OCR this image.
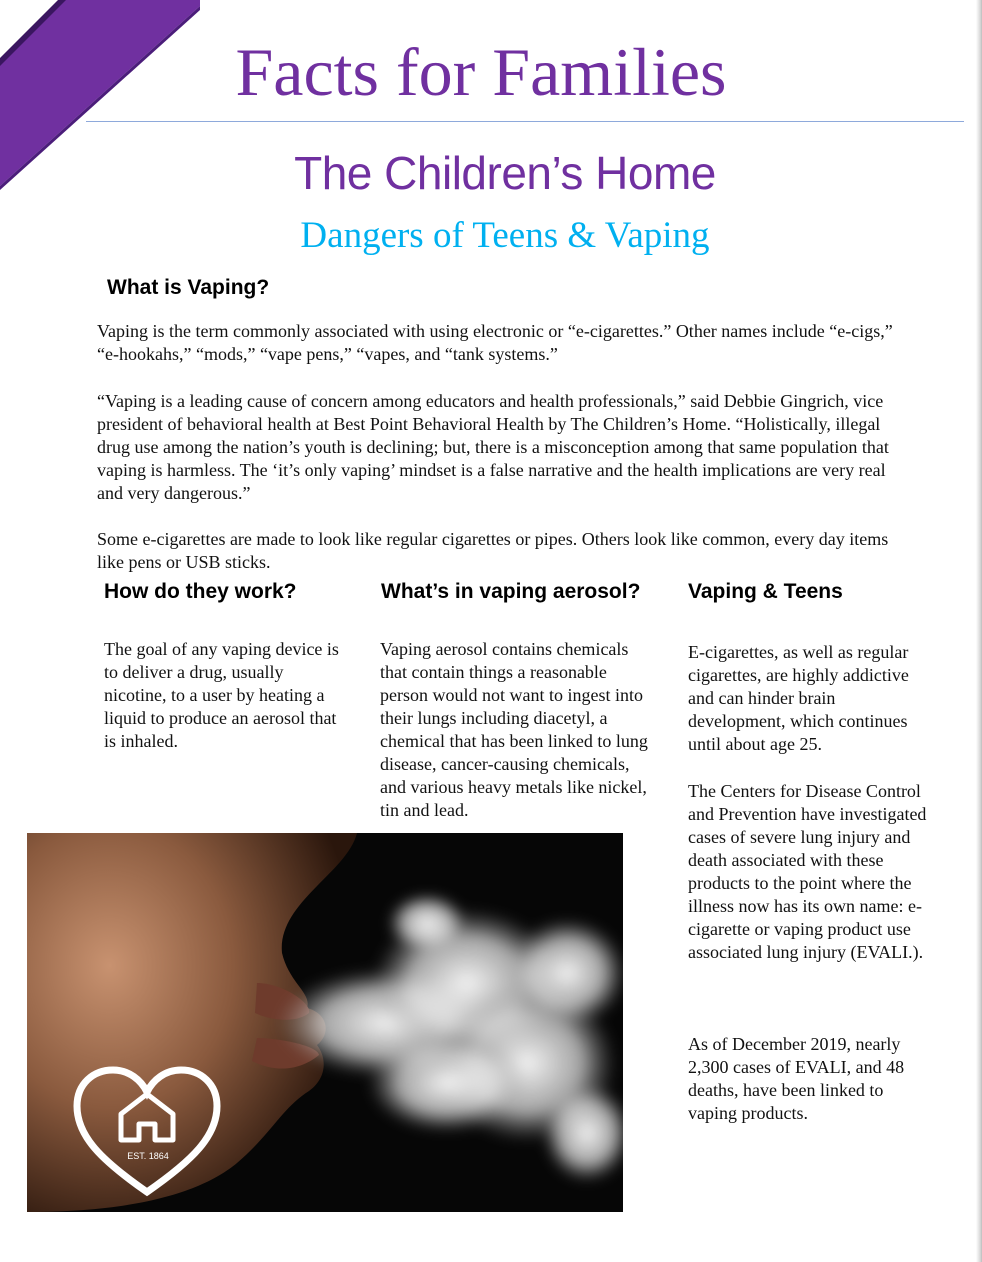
Facts for Families
The Children’s Home
Dangers of Teens & Vaping
What is Vaping?

Vaping is the term commonly associated with using electronic or “e-cigarettes.” Other names include “e-cigs,” “e-hookahs,” “mods,” “vape pens,” “vapes, and “tank systems.”

“Vaping is a leading cause of concern among educators and health professionals,” said Debbie Gingrich, vice president of behavioral health at Best Point Behavioral Health by The Children’s Home. “Holistically, illegal drug use among the nation’s youth is declining; but, there is a misconception among that same population that vaping is harmless. The ‘it’s only vaping’ mindset is a false narrative and the health implications are very real and very dangerous.”

Some e-cigarettes are made to look like regular cigarettes or pipes. Others look like common, every day items like pens or USB sticks.

How do they work?

The goal of any vaping device is to deliver a drug, usually nicotine, to a user by heating a liquid to produce an aerosol that is inhaled.

What’s in vaping aerosol?

Vaping aerosol contains chemicals that contain things a reasonable person would not want to ingest into their lungs including diacetyl, a chemical that has been linked to lung disease, cancer-causing chemicals, and various heavy metals like nickel, tin and lead.

Vaping & Teens

E-cigarettes, as well as regular cigarettes, are highly addictive and can hinder brain development, which continues until about age 25.

The Centers for Disease Control and Prevention have investigated cases of severe lung injury and death associated with these products to the point where the illness now has its own name: e-cigarette or vaping product use associated lung injury (EVALI.).

As of December 2019, nearly 2,300 cases of EVALI, and 48 deaths, have been linked to vaping products.

EST. 1864
